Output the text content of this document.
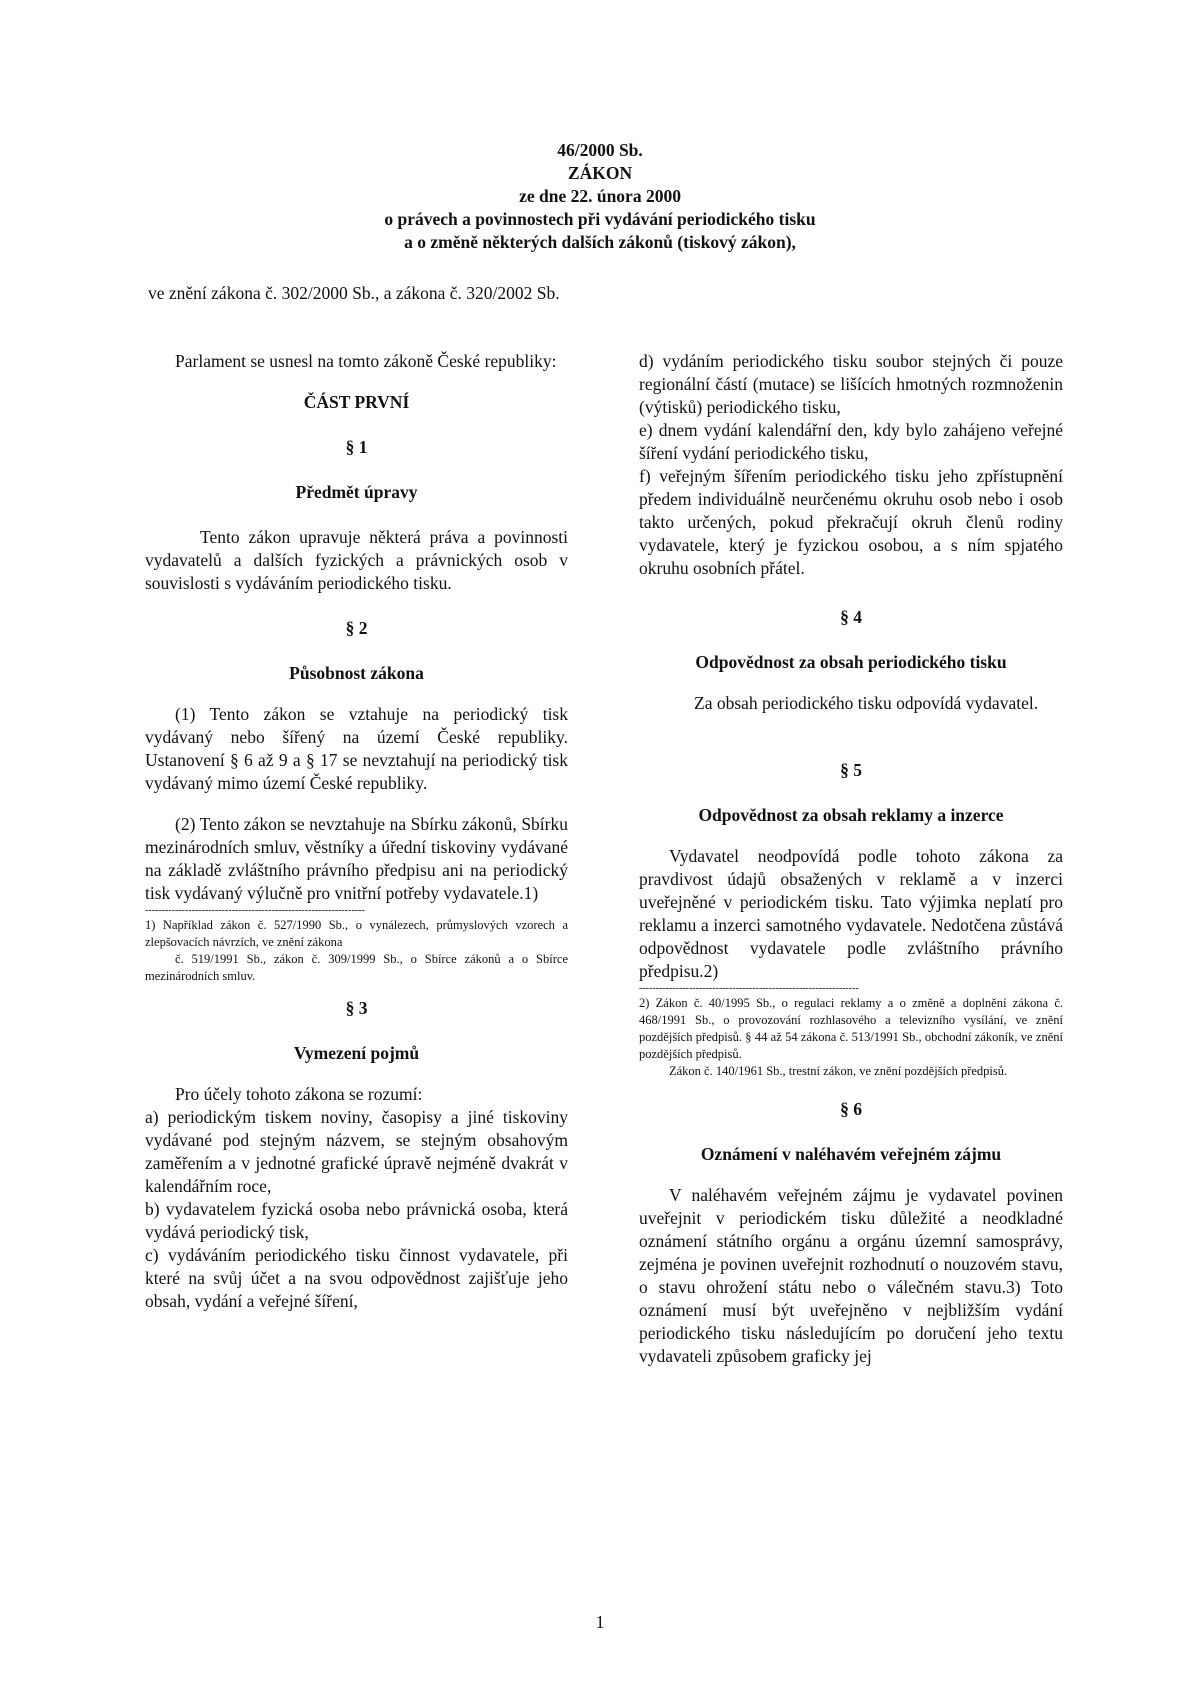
46/2000 Sb.
ZÁKON
ze dne 22. února 2000
o právech a povinnostech při vydávání periodického tisku
a o změně některých dalších zákonů (tiskový zákon),
ve znění zákona č. 302/2000 Sb., a zákona č. 320/2002 Sb.

Parlament se usnesl na tomto zákoně České republiky:

ČÁST PRVNÍ

§ 1

Předmět úpravy

Tento zákon upravuje některá práva a povinnosti vydavatelů a dalších fyzických a právnických osob v souvislosti s vydáváním periodického tisku.

§ 2

Působnost zákona

(1) Tento zákon se vztahuje na periodický tisk vydávaný nebo šířený na území České republiky. Ustanovení § 6 až 9 a § 17 se nevztahují na periodický tisk vydávaný mimo území České republiky.

(2) Tento zákon se nevztahuje na Sbírku zákonů, Sbírku mezinárodních smluv, věstníky a úřední tiskoviny vydávané na základě zvláštního právního předpisu ani na periodický tisk vydávaný výlučně pro vnitřní potřeby vydavatele.1)

------------------------------------------------------------------

1) Například zákon č. 527/1990 Sb., o vynálezech, průmyslových vzorech a zlepšovacích návrzích, ve znění zákona

č. 519/1991 Sb., zákon č. 309/1999 Sb., o Sbírce zákonů a o Sbírce mezinárodních smluv.

§ 3

Vymezení pojmů

Pro účely tohoto zákona se rozumí:

a) periodickým tiskem noviny, časopisy a jiné tiskoviny vydávané pod stejným názvem, se stejným obsahovým zaměřením a v jednotné grafické úpravě nejméně dvakrát v kalendářním roce,

b) vydavatelem fyzická osoba nebo právnická osoba, která vydává periodický tisk,

c) vydáváním periodického tisku činnost vydavatele, při které na svůj účet a na svou odpovědnost zajišťuje jeho obsah, vydání a veřejné šíření,

d) vydáním periodického tisku soubor stejných či pouze regionální částí (mutace) se lišících hmotných rozmnoženin (výtisků) periodického tisku,

e) dnem vydání kalendářní den, kdy bylo zahájeno veřejné šíření vydání periodického tisku,

f) veřejným šířením periodického tisku jeho zpřístupnění předem individuálně neurčenému okruhu osob nebo i osob takto určených, pokud překračují okruh členů rodiny vydavatele, který je fyzickou osobou, a s ním spjatého okruhu osobních přátel.

§ 4

Odpovědnost za obsah periodického tisku

Za obsah periodického tisku odpovídá vydavatel.

§ 5

Odpovědnost za obsah reklamy a inzerce

Vydavatel neodpovídá podle tohoto zákona za pravdivost údajů obsažených v reklamě a v inzerci uveřejněné v periodickém tisku. Tato výjimka neplatí pro reklamu a inzerci samotného vydavatele. Nedotčena zůstává odpovědnost vydavatele podle zvláštního právního předpisu.2)

------------------------------------------------------------------

2) Zákon č. 40/1995 Sb., o regulaci reklamy a o změně a doplnění zákona č. 468/1991 Sb., o provozování rozhlasového a televizního vysílání, ve znění pozdějších předpisů. § 44 až 54 zákona č. 513/1991 Sb., obchodní zákoník, ve znění pozdějších předpisů.

Zákon č. 140/1961 Sb., trestní zákon, ve znění pozdějších předpisů.

§ 6

Oznámení v naléhavém veřejném zájmu

V naléhavém veřejném zájmu je vydavatel povinen uveřejnit v periodickém tisku důležité a neodkladné oznámení státního orgánu a orgánu územní samosprávy, zejména je povinen uveřejnit rozhodnutí o nouzovém stavu, o stavu ohrožení státu nebo o válečném stavu.3) Toto oznámení musí být uveřejněno v nejbližším vydání periodického tisku následujícím po doručení jeho textu vydavateli způsobem graficky jej

1
